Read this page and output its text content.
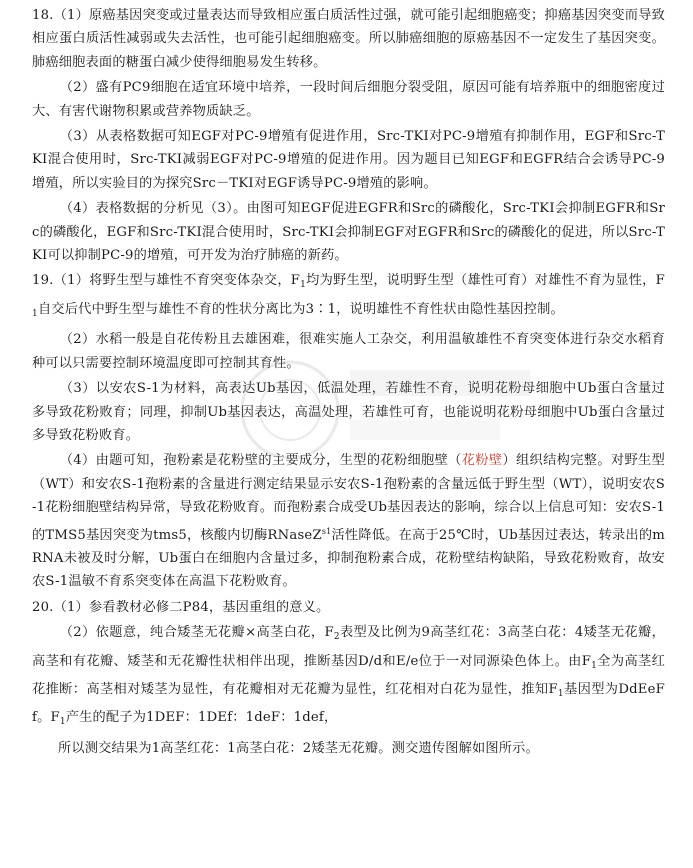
18.（1）原癌基因突变或过量表达而导致相应蛋白质活性过强，就可能引起细胞癌变；抑癌基因突变而导致相应蛋白质活性减弱或失去活性，也可能引起细胞癌变。所以肺癌细胞的原癌基因不一定发生了基因突变。肺癌细胞表面的糖蛋白减少使得细胞易发生转移。

（2）盛有PC9细胞在适宜环境中培养，一段时间后细胞分裂受阻，原因可能有培养瓶中的细胞密度过大、有害代谢物积累或营养物质缺乏。

（3）从表格数据可知EGF对PC-9增殖有促进作用，Src-TKI对PC-9增殖有抑制作用，EGF和Src-TKI混合使用时，Src-TKI减弱EGF对PC-9增殖的促进作用。因为题目已知EGF和EGFR结合会诱导PC-9增殖，所以实验目的为探究Src－TKI对EGF诱导PC-9增殖的影响。

（4）表格数据的分析见（3）。由图可知EGF促进EGFR和Src的磷酸化，Src-TKI会抑制EGFR和Src的磷酸化，EGF和Src-TKI混合使用时，Src-TKI会抑制EGF对EGFR和Src的磷酸化的促进，所以Src-TKI可以抑制PC-9的增殖，可开发为治疗肺癌的新药。

19.（1）将野生型与雄性不育突变体杂交，$F_1$均为野生型，说明野生型（雄性可育）对雄性不育为显性，$F_1$自交后代中野生型与雄性不育的性状分离比为3∶1，说明雄性不育性状由隐性基因控制。

（2）水稻一般是自花传粉且去雄困难，很难实施人工杂交，利用温敏雄性不育突变体进行杂交水稻育种可以只需要控制环境温度即可控制其育性。

（3）以安农S-1为材料，高表达Ub基因，低温处理，若雄性不育，说明花粉母细胞中Ub蛋白含量过多导致花粉败育；同理，抑制Ub基因表达，高温处理，若雄性可育，也能说明花粉母细胞中Ub蛋白含量过多导致花粉败育。

（4）由题可知，孢粉素是花粉壁的主要成分，生型的花粉细胞壁（花粉壁）组织结构完整。对野生型（WT）和安农S-1孢粉素的含量进行测定结果显示安农S-1孢粉素的含量远低于野生型（WT），说明安农S-1花粉细胞壁结构异常，导致花粉败育。而孢粉素合成受Ub基因表达的影响，综合以上信息可知：安农S-1的TMS5基因突变为tms5，核酸内切酶RNaseZ$^{s1}$活性降低。在高于25℃时，Ub基因过表达，转录出的mRNA未被及时分解，Ub蛋白在细胞内含量过多，抑制孢粉素合成，花粉壁结构缺陷，导致花粉败育，故安农S-1温敏不育系突变体在高温下花粉败育。

20.（1）参看教材必修二P84，基因重组的意义。

（2）依题意，纯合矮茎无花瓣×高茎白花，$F_2$表型及比例为9高茎红花：3高茎白花：4矮茎无花瓣，高茎和有花瓣、矮茎和无花瓣性状相伴出现，推断基因D/d和E/e位于一对同源染色体上。由$F_1$全为高茎红花推断：高茎相对矮茎为显性，有花瓣相对无花瓣为显性，红花相对白花为显性，推知$F_1$基因型为DdEeFf。$F_1$产生的配子为1DEF：1DEf：1deF：1def，

所以测交结果为1高茎红花：1高茎白花：2矮茎无花瓣。测交遗传图解如图所示。
